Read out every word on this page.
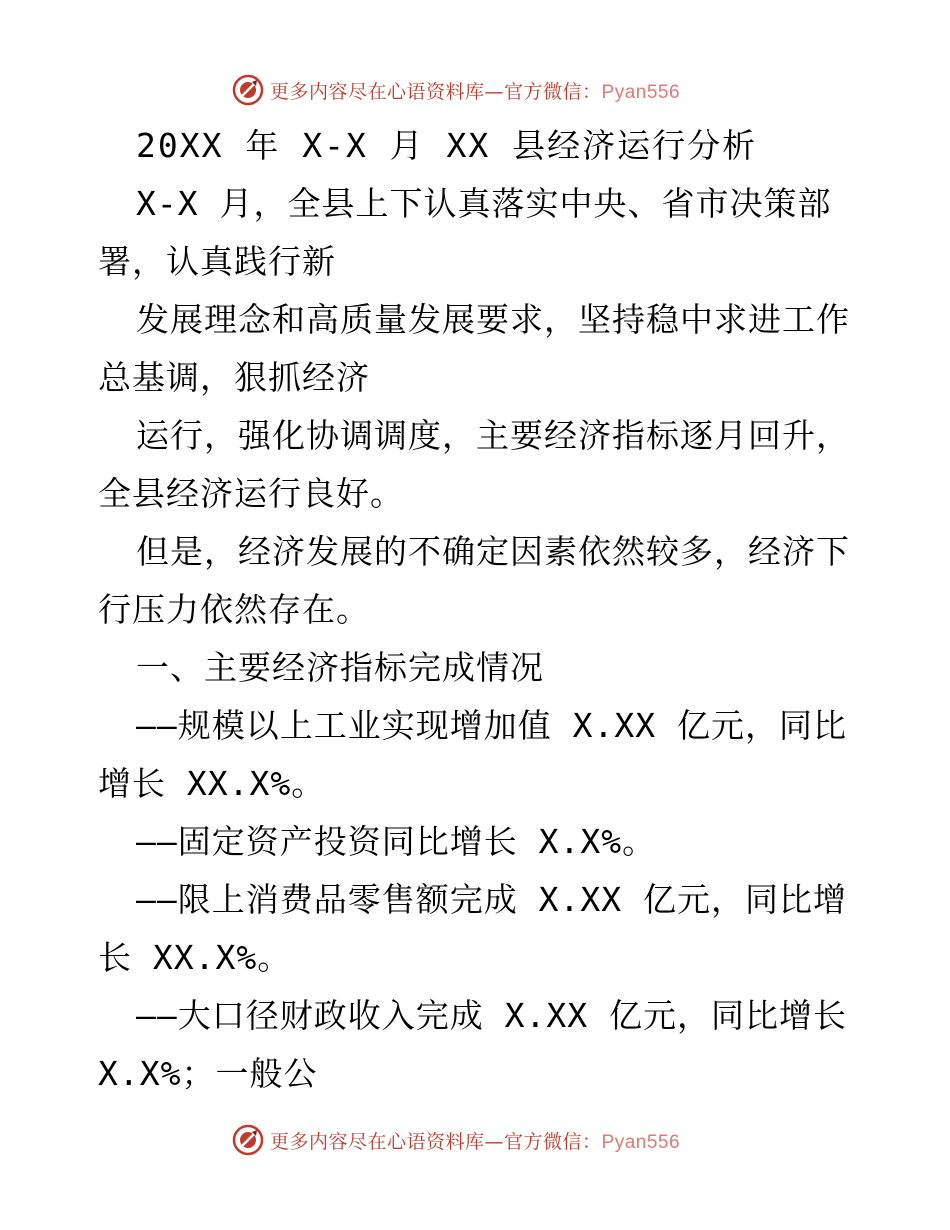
更多内容尽在心语资料库—官方微信：Pyan556
20XX 年 X-X 月 XX 县经济运行分析
X-X 月，全县上下认真落实中央、省市决策部
署，认真践行新
发展理念和高质量发展要求，坚持稳中求进工作
总基调，狠抓经济
运行，强化协调调度，主要经济指标逐月回升，
全县经济运行良好。
但是，经济发展的不确定因素依然较多，经济下
行压力依然存在。
一、主要经济指标完成情况
——规模以上工业实现增加值 X.XX 亿元，同比
增长 XX.X%。
——固定资产投资同比增长 X.X%。
——限上消费品零售额完成 X.XX 亿元，同比增
长 XX.X%。
——大口径财政收入完成 X.XX 亿元，同比增长
X.X%；一般公
更多内容尽在心语资料库—官方微信：Pyan556
